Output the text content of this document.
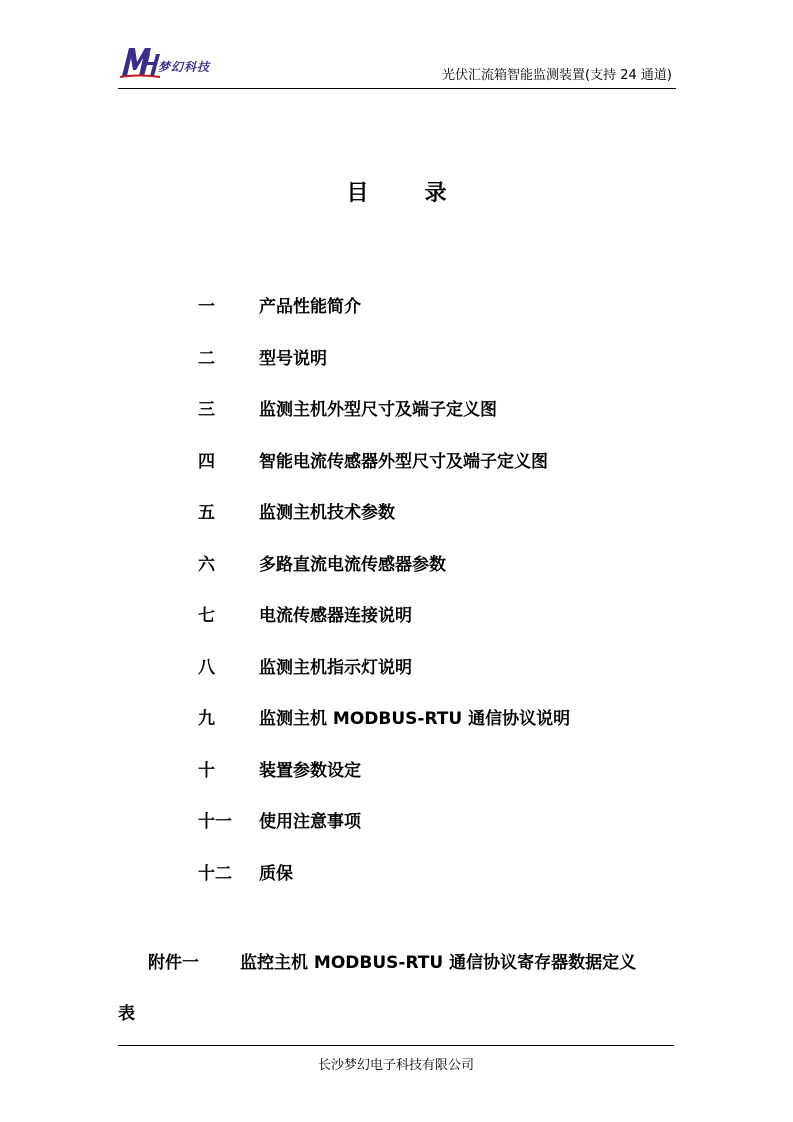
梦幻科技
光伏汇流箱智能监测装置(支持 24 通道)
目录
一	产品性能简介
二	型号说明
三	监测主机外型尺寸及端子定义图
四	智能电流传感器外型尺寸及端子定义图
五	监测主机技术参数
六	多路直流电流传感器参数
七	电流传感器连接说明
八	监测主机指示灯说明
九	监测主机 MODBUS-RTU 通信协议说明
十	装置参数设定
十一	使用注意事项
十二	质保
附件一	监控主机 MODBUS-RTU 通信协议寄存器数据定义
表
长沙梦幻电子科技有限公司
